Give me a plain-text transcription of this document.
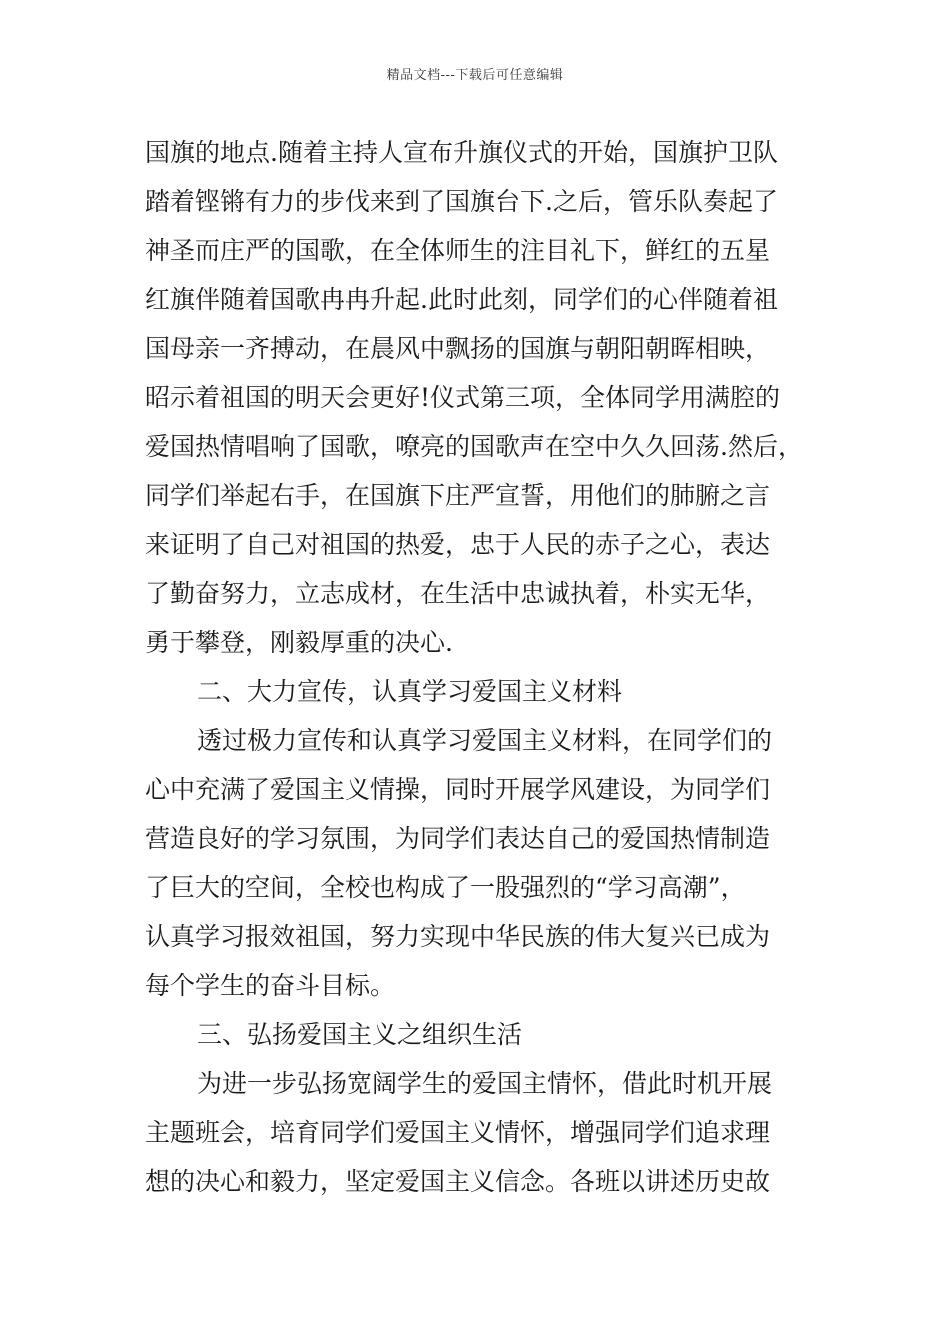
精品文档---下载后可任意编辑
国旗的地点.随着主持人宣布升旗仪式的开始，国旗护卫队
踏着铿锵有力的步伐来到了国旗台下.之后，管乐队奏起了
神圣而庄严的国歌，在全体师生的注目礼下，鲜红的五星
红旗伴随着国歌冉冉升起.此时此刻，同学们的心伴随着祖
国母亲一齐搏动，在晨风中飘扬的国旗与朝阳朝晖相映，
昭示着祖国的明天会更好!仪式第三项，全体同学用满腔的
爱国热情唱响了国歌，嘹亮的国歌声在空中久久回荡.然后，
同学们举起右手，在国旗下庄严宣誓，用他们的肺腑之言
来证明了自己对祖国的热爱，忠于人民的赤子之心，表达
了勤奋努力，立志成材，在生活中忠诚执着，朴实无华，
勇于攀登，刚毅厚重的决心.
二、大力宣传，认真学习爱国主义材料
透过极力宣传和认真学习爱国主义材料，在同学们的
心中充满了爱国主义情操，同时开展学风建设，为同学们
营造良好的学习氛围，为同学们表达自己的爱国热情制造
了巨大的空间，全校也构成了一股强烈的“学习高潮”，
认真学习报效祖国，努力实现中华民族的伟大复兴已成为
每个学生的奋斗目标。
三、弘扬爱国主义之组织生活
为进一步弘扬宽阔学生的爱国主情怀，借此时机开展
主题班会，培育同学们爱国主义情怀，增强同学们追求理
想的决心和毅力，坚定爱国主义信念。各班以讲述历史故
